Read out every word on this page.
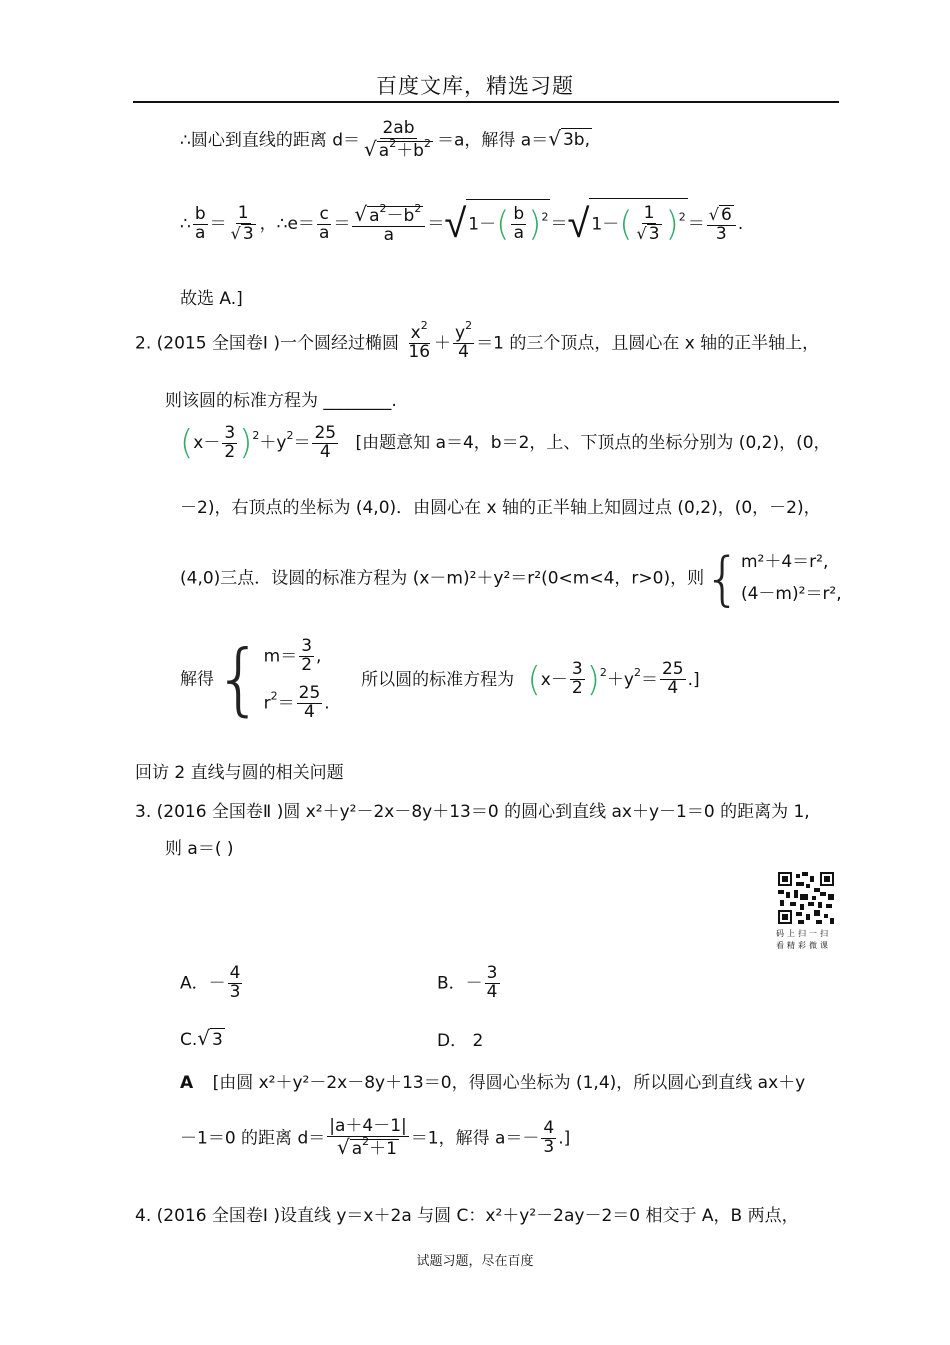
百度文库，精选习题
∴圆心到直线的距离 $d= \frac{2ab}{√ a^2+b^2} =a$，解得 a＝√ 3b,
∴ $\frac{b}{a} = \frac{1}{√ 3}$ ，∴e＝ $\frac{c}{a} = \frac{√ a^2-b^2}{a}$ ＝√ $1-( \frac{b}{a} )^2$ ＝√ $1-( \frac{1}{√ 3} )^2 = \frac{√ 6}{3}$ .
故选 A.]
2. (2015 全国卷Ⅰ )一个圆经过椭圆 $\frac{x^2}{16} + \frac{y^2}{4} =1$ 的三个顶点，且圆心在 x 轴的正半轴上，
则该圆的标准方程为 ________.
$(x- \frac{3}{2} )^2+y^2= \frac{25}{4}$ [由题意知 a＝4，b＝2，上、下顶点的坐标分别为 (0,2)，(0，
－2)，右顶点的坐标为 (4,0)．由圆心在 x 轴的正半轴上知圆过点 (0,2)，(0，－2)，
(4,0)三点．设圆的标准方程为 (x－m)²＋y²＝r²(0<m<4，r>0)，则{ m²＋4＝r²,
(4－m)²＝r²,
解得{ $m= \frac{3}{2}$ ,
$r^2= \frac{25}{4}$ .
所以圆的标准方程为 $(x- \frac{3}{2} )^2+y^2= \frac{25}{4}$ .]
回访 2 直线与圆的相关问题
3. (2016 全国卷Ⅱ )圆 x²＋y²－2x－8y＋13＝0 的圆心到直线 ax＋y－1＝0 的距离为 1,
则 a＝( )
码上扫一扫
看精彩微课
A．－ $\frac{4}{3}$	B．－ $\frac{3}{4}$
C.√ 3	D． 2
A [由圆 x²＋y²－2x－8y＋13＝0，得圆心坐标为 (1,4)，所以圆心到直线 ax＋y
－1＝0 的距离 $d= \frac{|a+4-1|}{√ a^2+1} =1$，解得 $a=- \frac{4}{3}$ .]
4. (2016 全国卷Ⅰ )设直线 y＝x＋2a 与圆 C：x²＋y²－2ay－2＝0 相交于 A，B 两点，
试题习题，尽在百度
